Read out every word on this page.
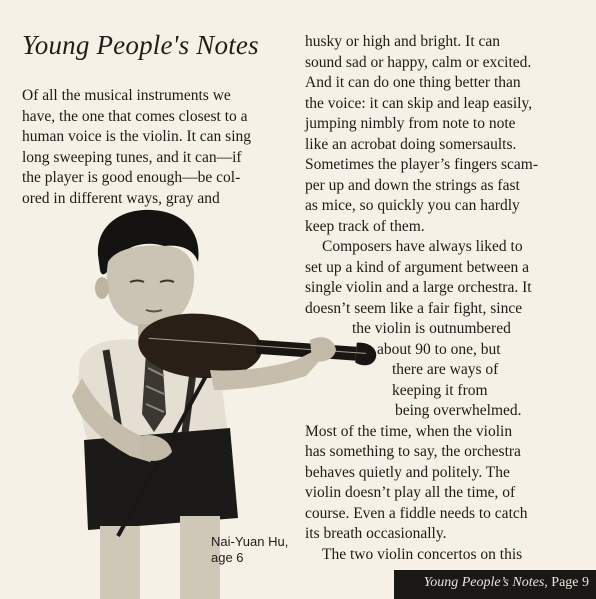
Young People's Notes
Of all the musical instruments we
have, the one that comes closest to a
human voice is the violin. It can sing
long sweeping tunes, and it can—if
the player is good enough—be col-
ored in different ways, gray and
husky or high and bright. It can
sound sad or happy, calm or excited.
And it can do one thing better than
the voice: it can skip and leap easily,
jumping nimbly from note to note
like an acrobat doing somersaults.
Sometimes the player’s fingers scam-
per up and down the strings as fast
as mice, so quickly you can hardly
keep track of them.
Composers have always liked to
set up a kind of argument between a
single violin and a large orchestra. It
doesn’t seem like a fair fight, since
the violin is outnumbered
about 90 to one, but
there are ways of
keeping it from
being overwhelmed.
Most of the time, when the violin
has something to say, the orchestra
behaves quietly and politely. The
violin doesn’t play all the time, of
course. Even a fiddle needs to catch
its breath occasionally.
The two violin concertos on this
Nai-Yuan Hu,
age 6
Young People’s Notes, Page 9
